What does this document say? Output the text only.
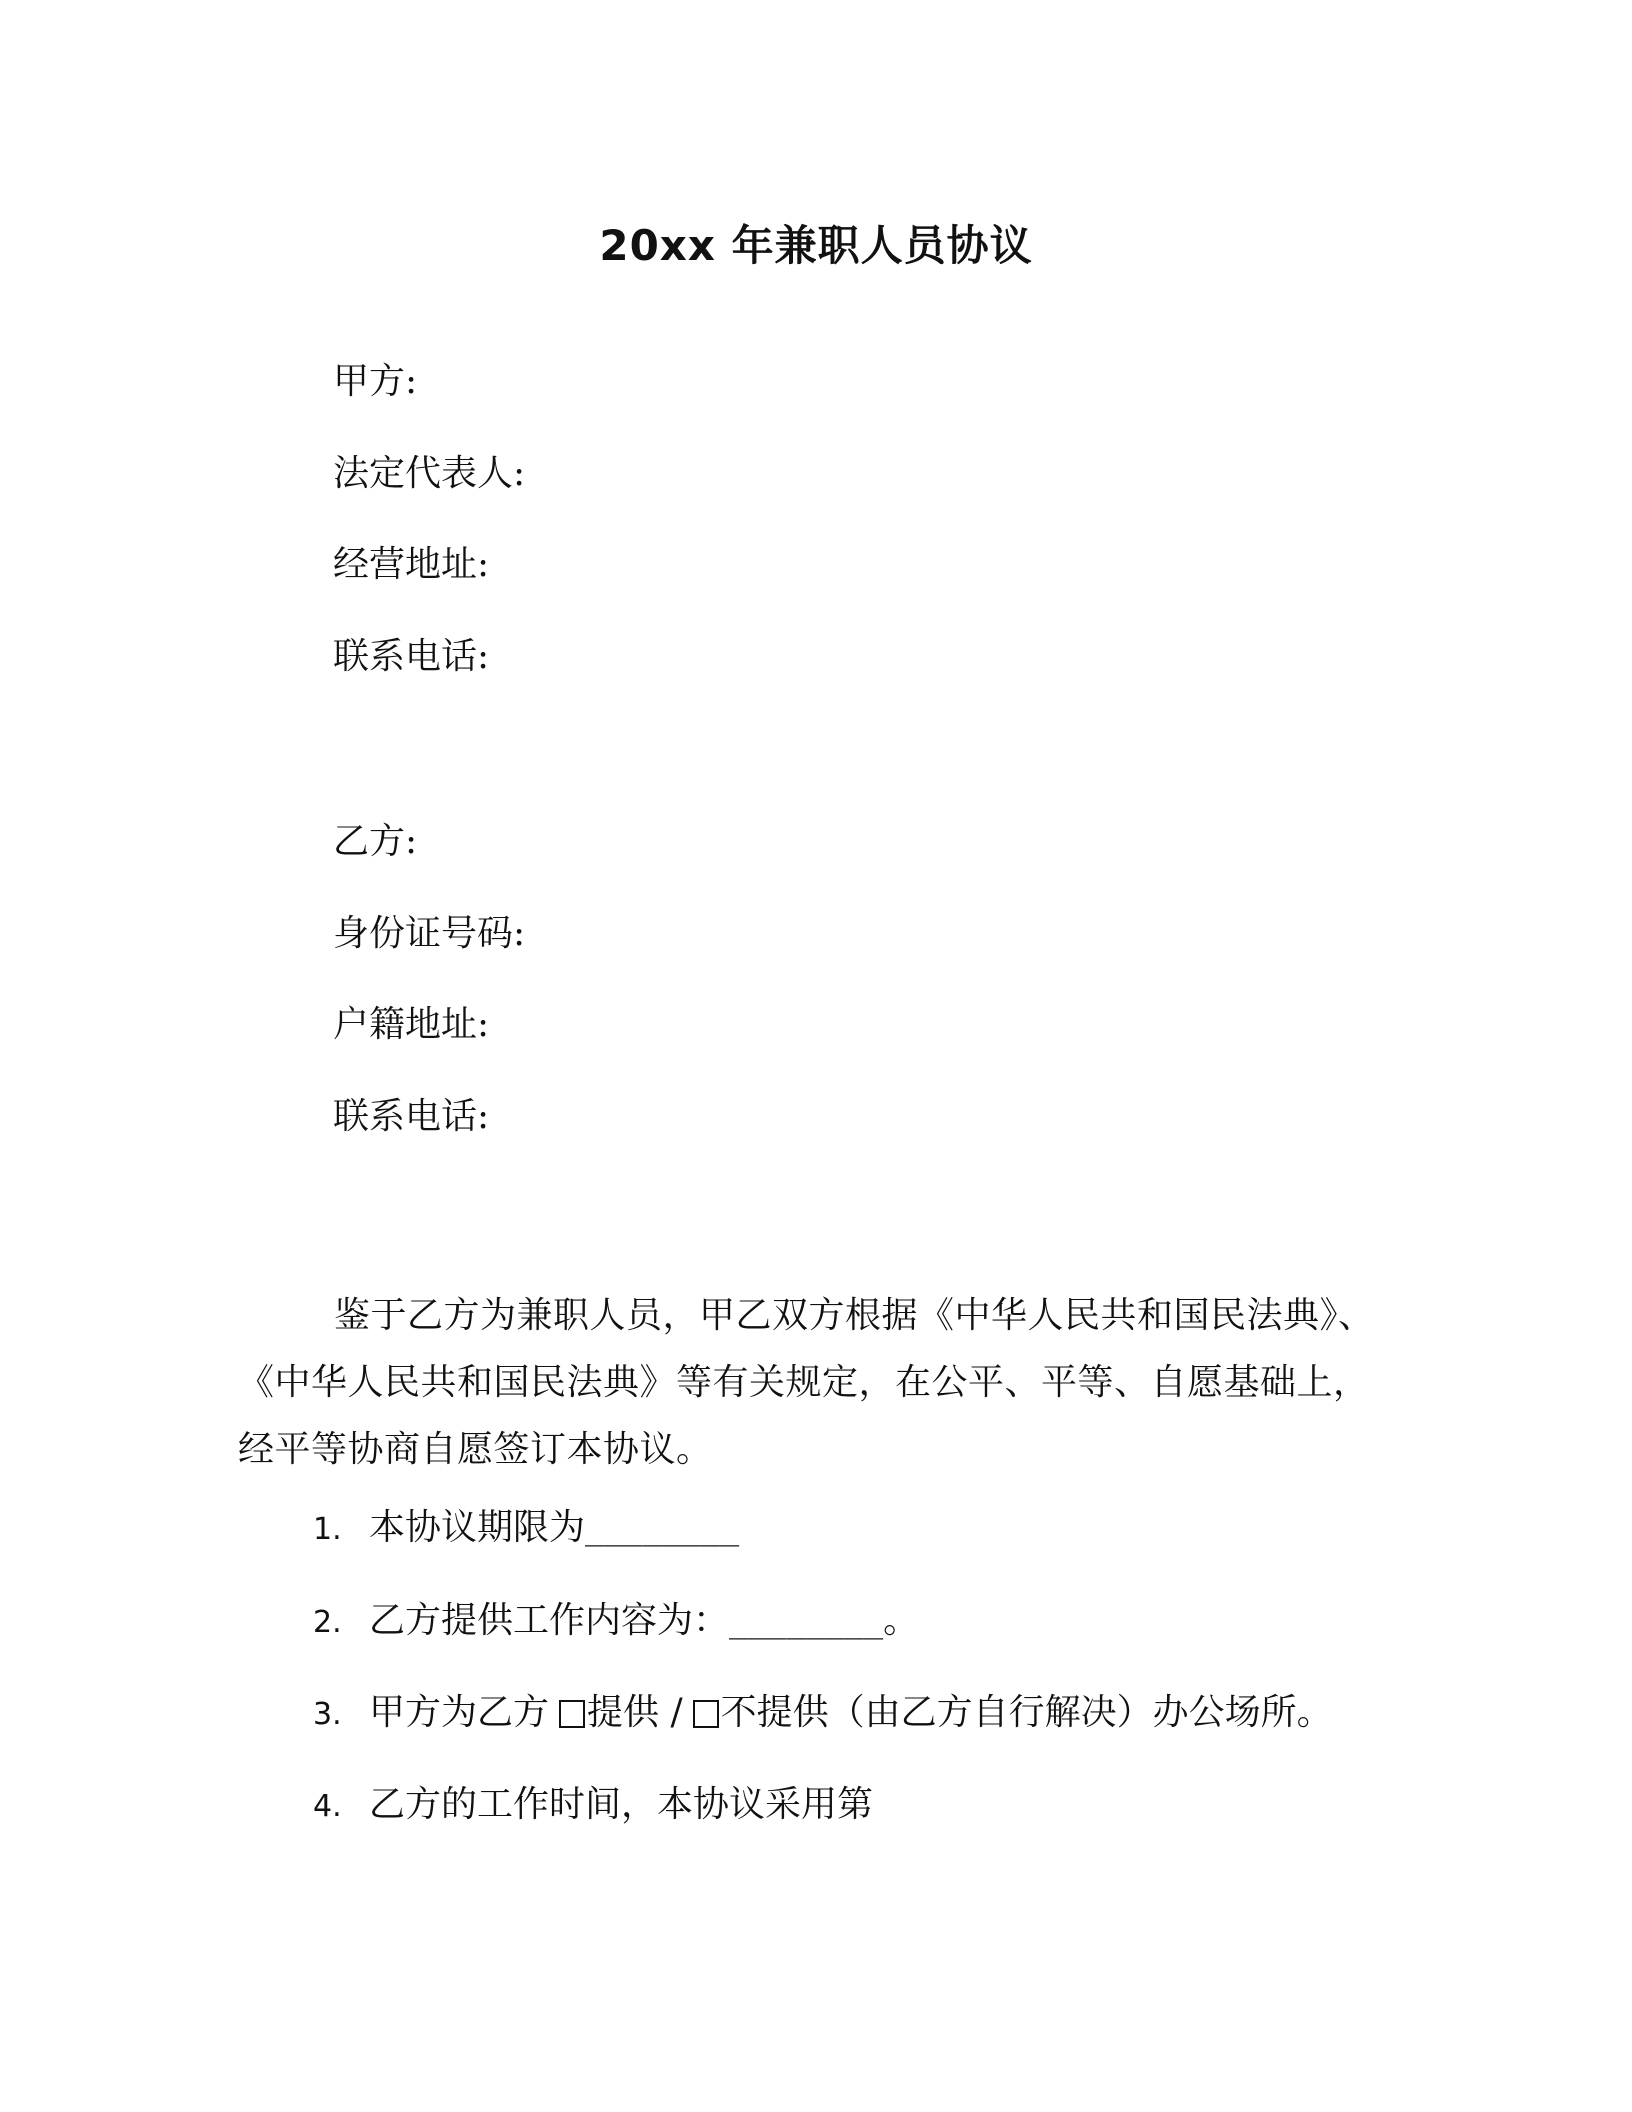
20xx 年兼职人员协议
甲方:
法定代表人:
经营地址:
联系电话:
乙方:
身份证号码:
户籍地址:
联系电话:

鉴于乙方为兼职人员，甲乙双方根据《中华人民共和国民法典》、《中华人民共和国民法典》等有关规定，在公平、平等、自愿基础上，经平等协商自愿签订本协议。

1. 本协议期限为________
2. 乙方提供工作内容为：________。
3. 甲方为乙方 提供 / 不提供（由乙方自行解决）办公场所。
4. 乙方的工作时间，本协议采用第
